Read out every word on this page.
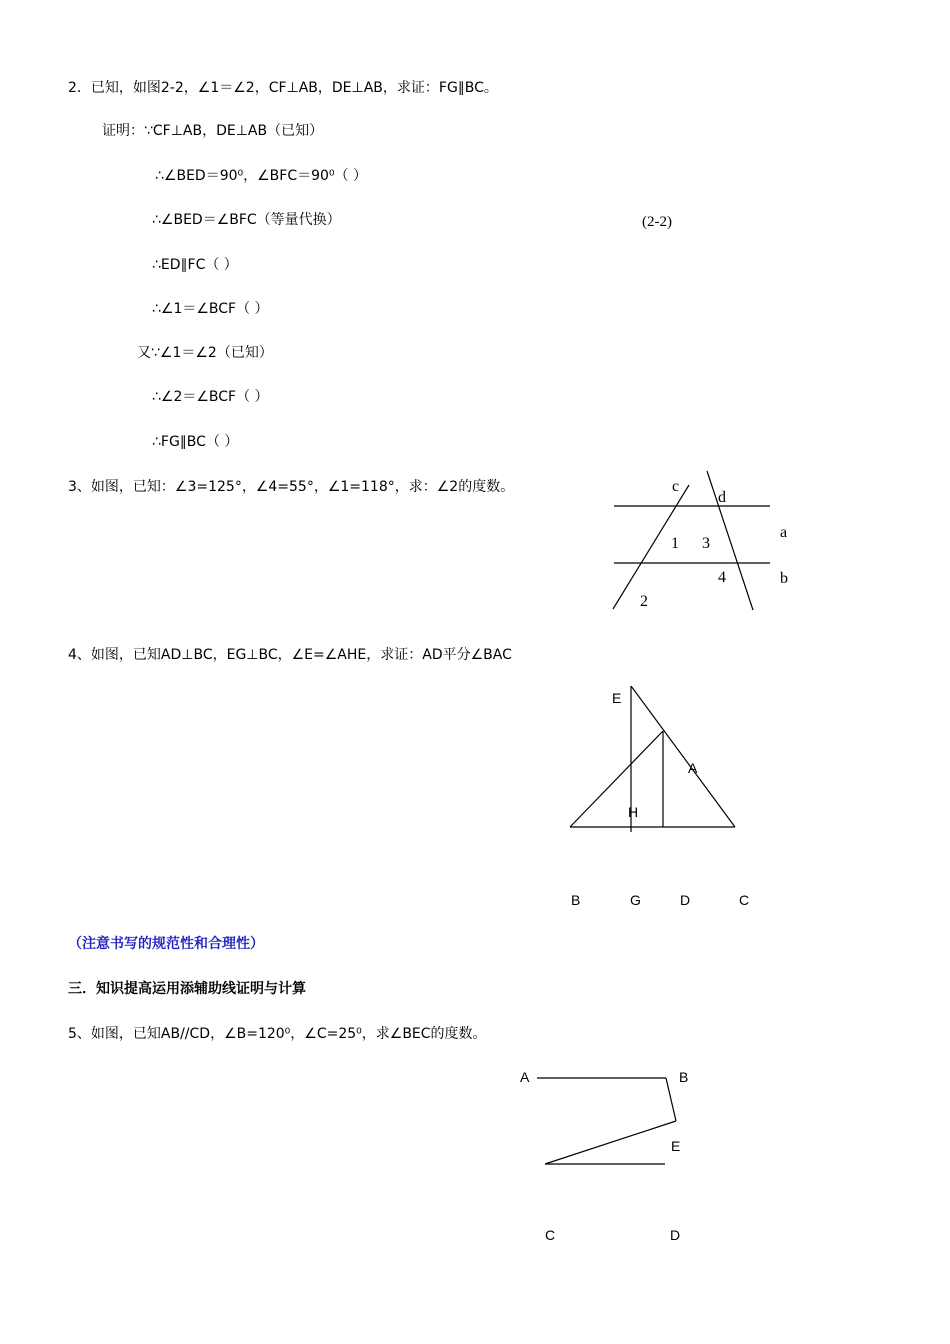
2．已知，如图2-2，∠1＝∠2，CF⊥AB，DE⊥AB，求证：FG∥BC。
证明：∵CF⊥AB，DE⊥AB（已知）
∴∠BED＝90⁰，∠BFC＝90⁰（ ）
∴∠BED＝∠BFC（等量代换）	(2-2)
∴ED∥FC（ ）
∴∠1＝∠BCF（ ）
又∵∠1＝∠2（已知）
∴∠2＝∠BCF（ ）
∴FG∥BC（ ）
3、如图，已知：∠3=125°，∠4=55°，∠1=118°，求：∠2的度数。	c
d
a
b
1 3
4
2
4、如图，已知AD⊥BC，EG⊥BC，∠E=∠AHE，求证：AD平分∠BAC
E
A
H
B	G	D	C
（注意书写的规范性和合理性）
三．知识提高运用添辅助线证明与计算
5、如图，已知AB//CD，∠B=120⁰，∠C=25⁰，求∠BEC的度数。
A	B
E
C	D
